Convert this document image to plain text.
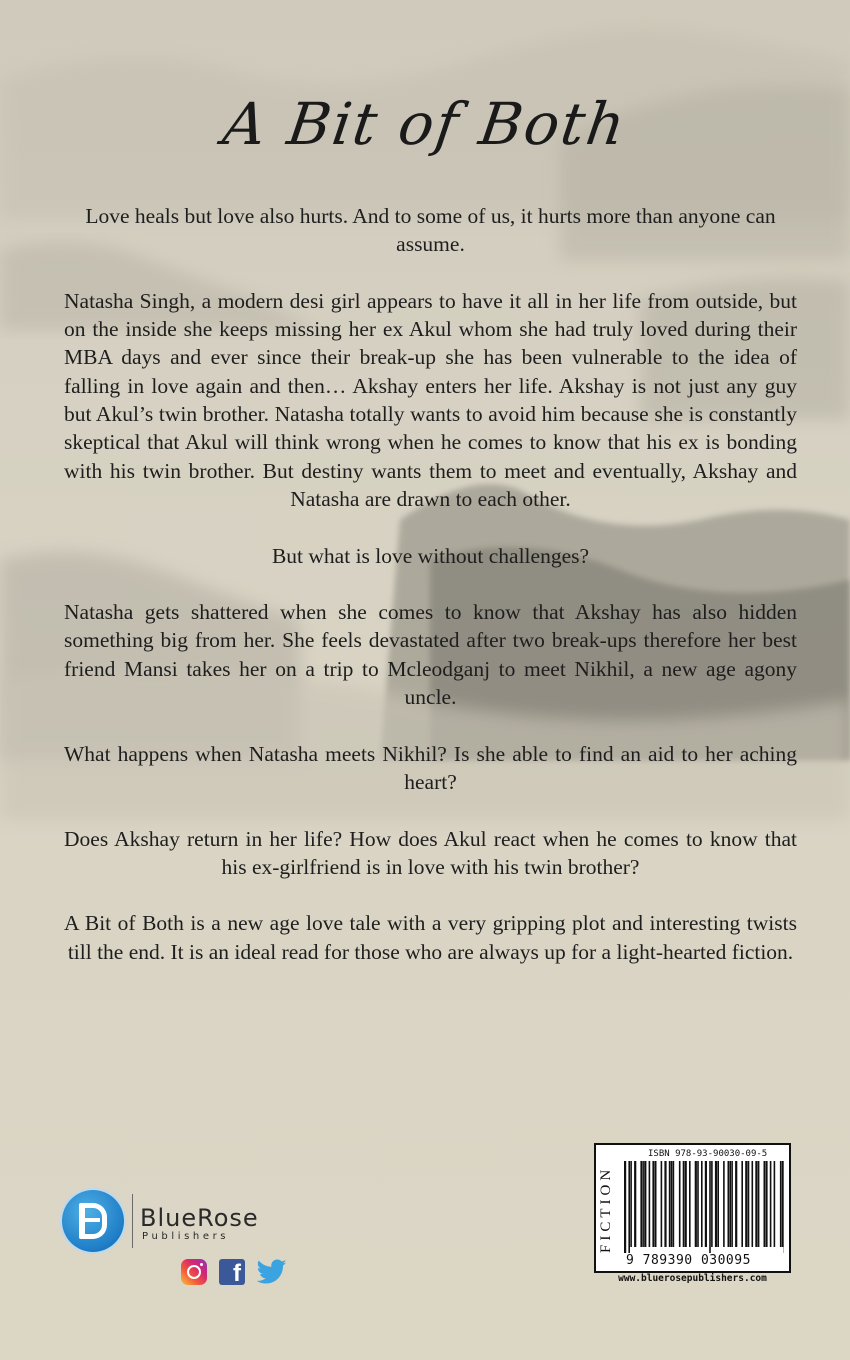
A Bit of Both

Love heals but love also hurts. And to some of us, it hurts more than anyone can assume.

Natasha Singh, a modern desi girl appears to have it all in her life from outside, but on the inside she keeps missing her ex Akul whom she had truly loved during their MBA days and ever since their break-up she has been vulnerable to the idea of falling in love again and then… Akshay enters her life. Akshay is not just any guy but Akul’s twin brother. Natasha totally wants to avoid him because she is constantly skeptical that Akul will think wrong when he comes to know that his ex is bonding with his twin brother. But destiny wants them to meet and eventually, Akshay and Natasha are drawn to each other.

But what is love without challenges?

Natasha gets shattered when she comes to know that Akshay has also hidden something big from her. She feels devastated after two break-ups therefore her best friend Mansi takes her on a trip to Mcleodganj to meet Nikhil, a new age agony uncle.

What happens when Natasha meets Nikhil? Is she able to find an aid to her aching heart?

Does Akshay return in her life? How does Akul react when he comes to know that his ex-girlfriend is in love with his twin brother?

A Bit of Both is a new age love tale with a very gripping plot and interesting twists till the end. It is an ideal read for those who are always up for a light-hearted fiction.

BlueRose
Publishers
f	FICTION
ISBN 978-93-90030-09-5
9 789390 030095
www.bluerosepublishers.com
